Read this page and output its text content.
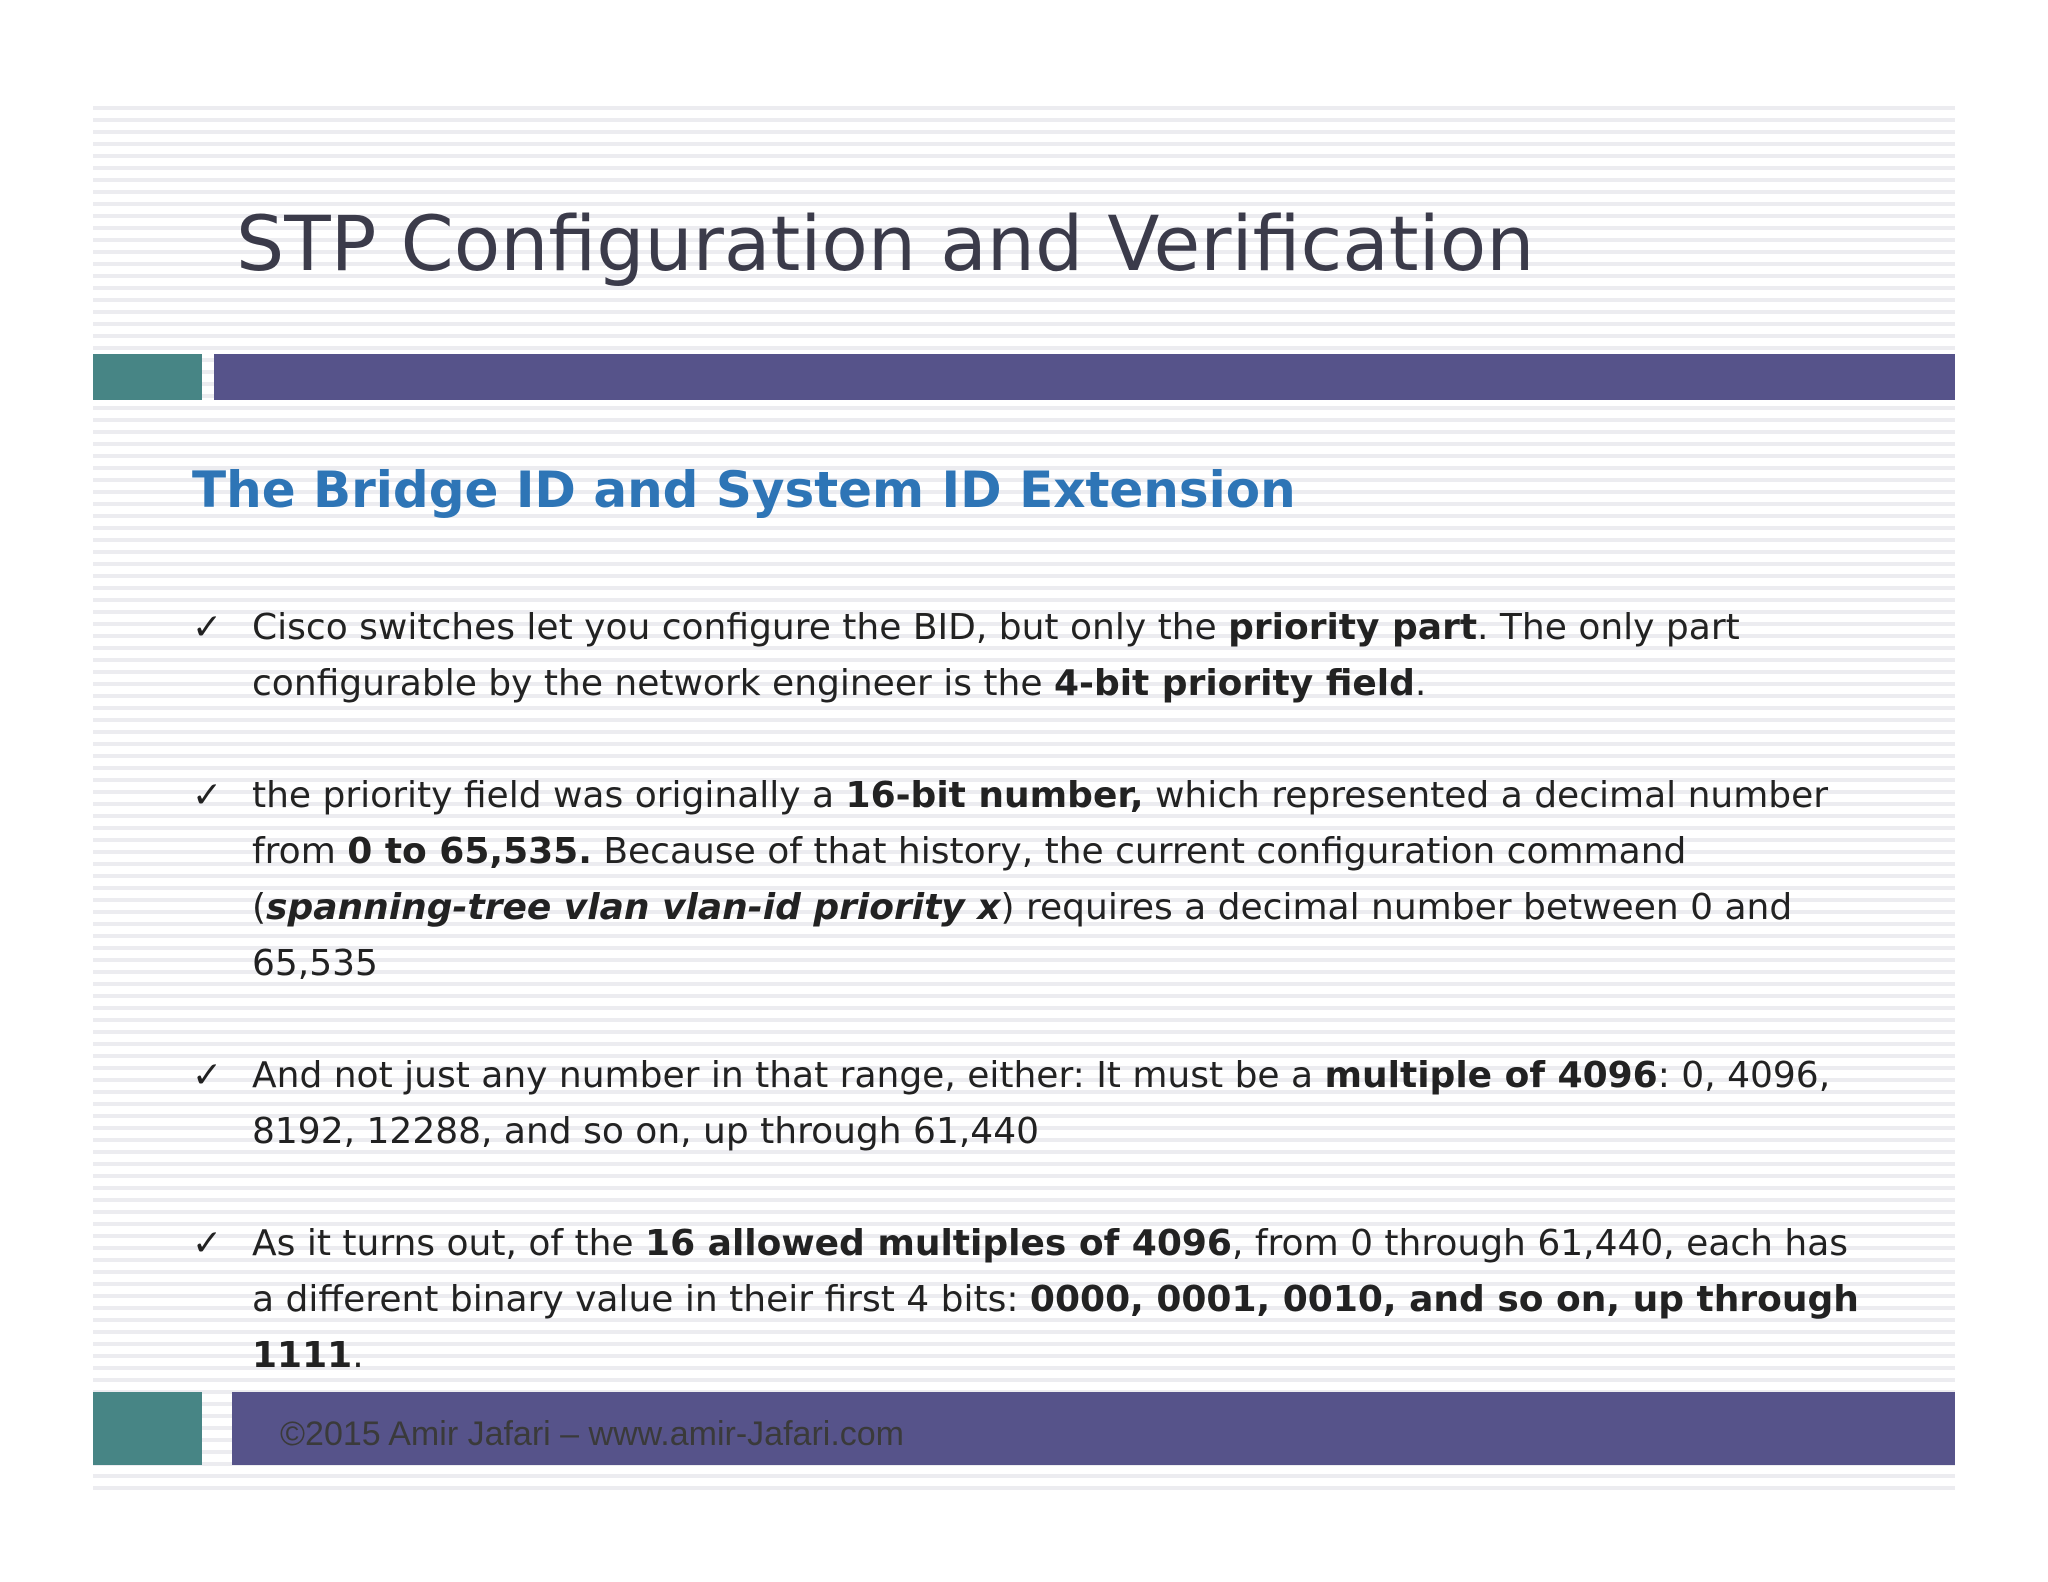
STP Configuration and Verification
The Bridge ID and System ID Extension
✓ Cisco switches let you configure the BID, but only the priority part. The only part configurable by the network engineer is the 4-bit priority field.
✓ the priority field was originally a 16-bit number, which represented a decimal number from 0 to 65,535. Because of that history, the current configuration command (spanning-tree vlan vlan-id priority x) requires a decimal number between 0 and 65,535
✓ And not just any number in that range, either: It must be a multiple of 4096: 0, 4096, 8192, 12288, and so on, up through 61,440
✓ As it turns out, of the 16 allowed multiples of 4096, from 0 through 61,440, each has a different binary value in their first 4 bits: 0000, 0001, 0010, and so on, up through 1111.

©2015 Amir Jafari – www.amir-Jafari.com
